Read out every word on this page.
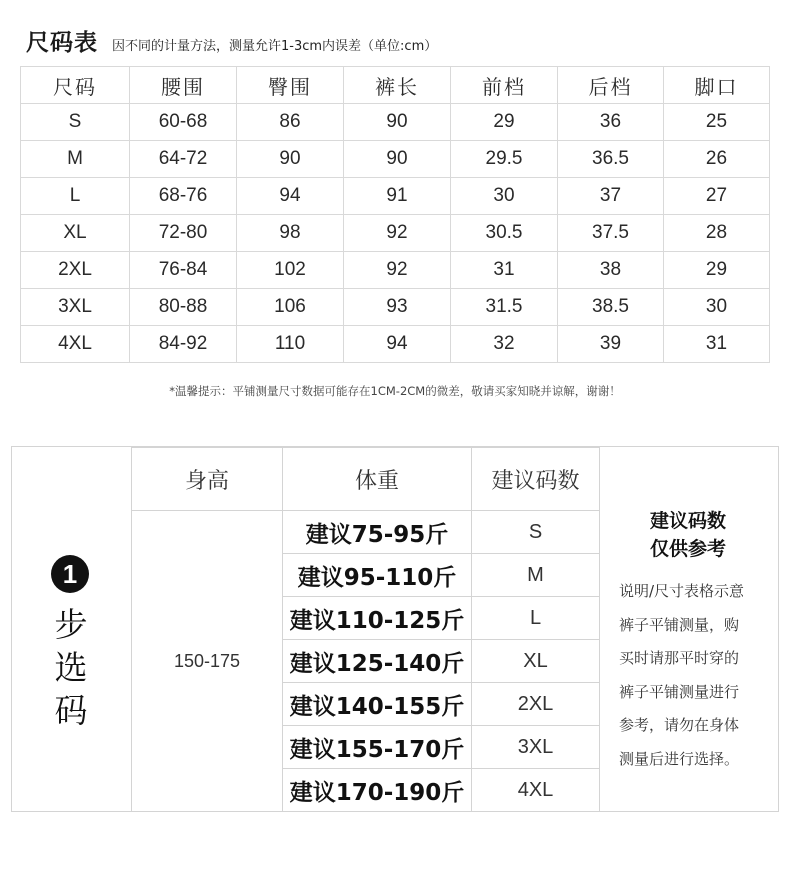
尺码表 因不同的计量方法，测量允许1-3cm内误差（单位:cm）
尺码	腰围	臀围	裤长	前档	后档	脚口
S	60-68	86	90	29	36	25
M	64-72	90	90	29.5	36.5	26
L	68-76	94	91	30	37	27
XL	72-80	98	92	30.5	37.5	28
2XL	76-84	102	92	31	38	29
3XL	80-88	106	93	31.5	38.5	30
4XL	84-92	110	94	32	39	31
*温馨提示：平铺测量尺寸数据可能存在1CM-2CM的微差，敬请买家知晓并谅解，谢谢！
1
步
选
码
身高	体重	建议码数
150-175	建议75-95斤	S
	建议95-110斤	M
	建议110-125斤	L
	建议125-140斤	XL
	建议140-155斤	2XL
	建议155-170斤	3XL
	建议170-190斤	4XL
建议码数
仅供参考
说明/尺寸表格示意
裤子平铺测量，购
买时请那平时穿的
裤子平铺测量进行
参考，请勿在身体
测量后进行选择。
